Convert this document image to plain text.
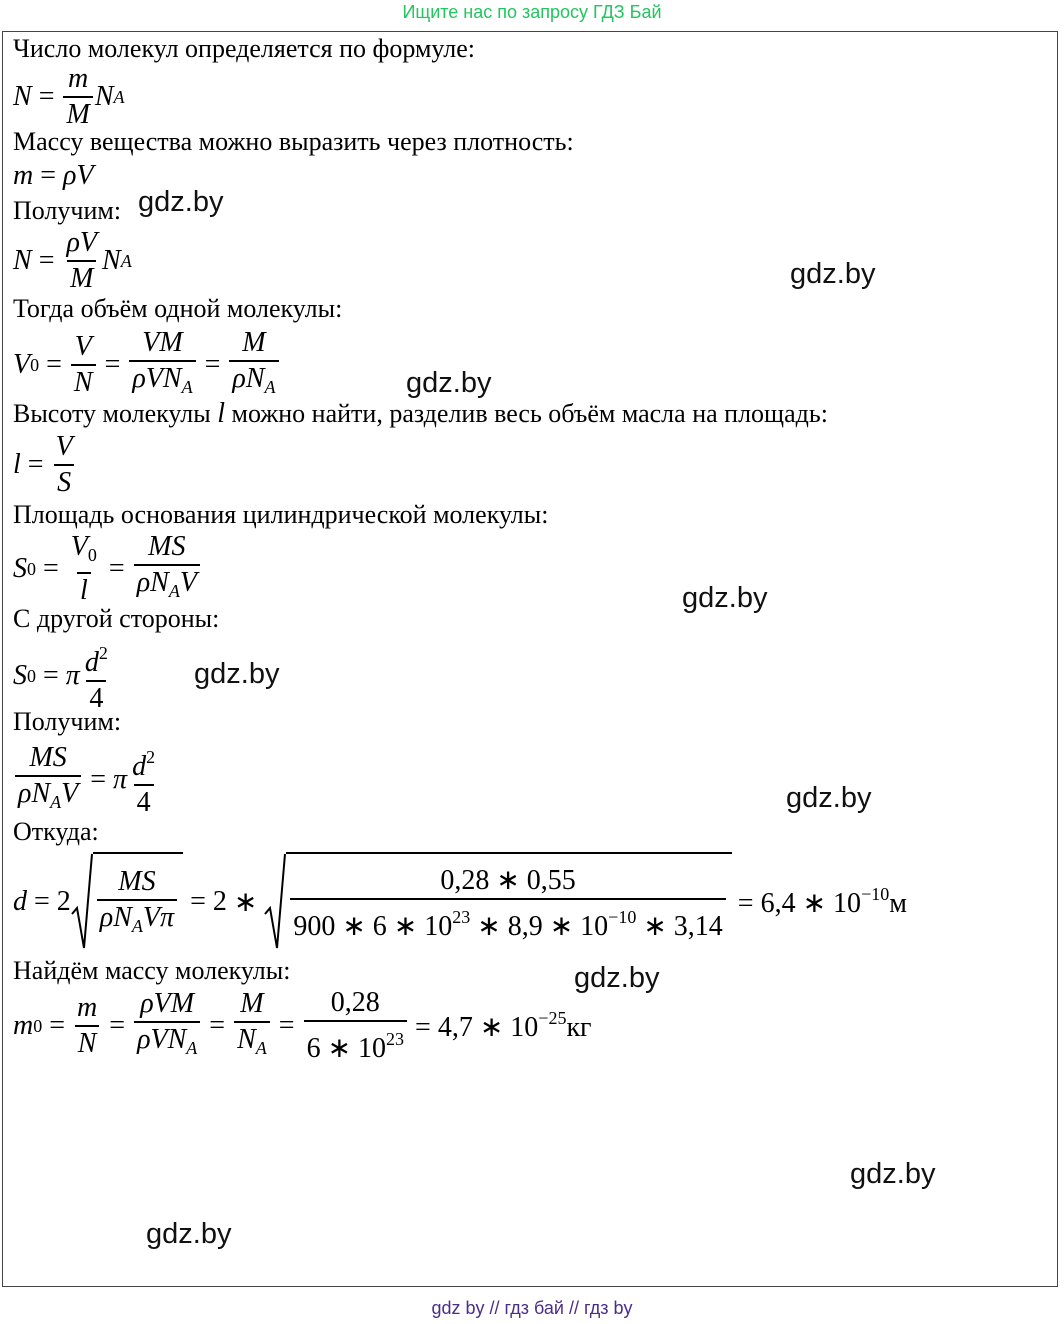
Ищите нас по запросу ГДЗ Бай
Число молекул определяется по формуле:
$N = \frac{m}{M}$ N A
Массу вещества можно выразить через плотность:
m = ρV
Получим:
$N = \frac{\rho V}{M}$ N A
Тогда объём одной молекулы:
V $0 = \frac{V}{N} = \frac{VM}{\rho VN_A} = \frac{M}{\rho N_A}$
Высоту молекулы l можно найти, разделив весь объём масла на площадь:
$l = \frac{V}{S}$
Площадь основания цилиндрической молекулы:
S $0 = \frac{V_0}{l} = \frac{MS}{\rho N_AV}$
С другой стороны:
S 0 = π $\frac{d^2}{4}$
Получим:
$\frac{MS}{\rho N_AV} = \pi \frac{d^2}{4}$
Откуда:
$d = 2 \frac{MS}{\rho N_AV\pi} = 2$ ∗ $\frac{0,28 ∗ 0,55}{900 ∗ 6 ∗ 10^{23} ∗ 8,9 ∗ 10^{-10} ∗ 3,14} = 6,4$ ∗ $10^{-10}м$
Найдём массу молекулы:
m $0 = \frac{m}{N} = \frac{\text{ρVM}}{\rho VN_A} = \frac{M}{N_A} = \frac{0,28}{6 ∗ 10^{23}} = 4,7$ ∗ $10^{-25}кг$
gdz.by
gdz.by
gdz.by
gdz.by
gdz.by
gdz.by
gdz.by
gdz.by
gdz.by
gdz by // гдз бай // гдз by
